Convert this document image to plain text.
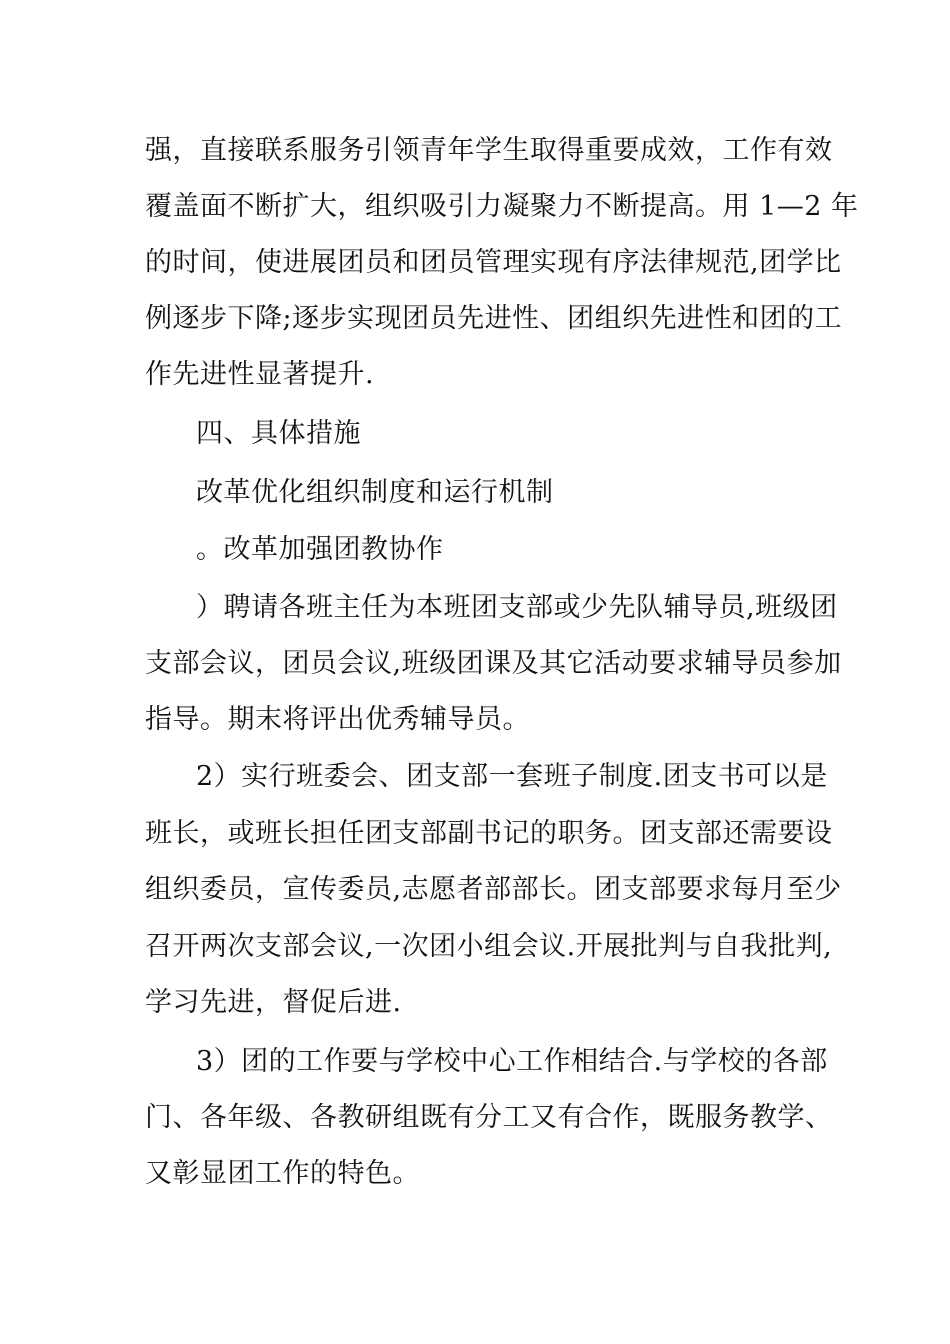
强，直接联系服务引领青年学生取得重要成效，工作有效
覆盖面不断扩大，组织吸引力凝聚力不断提高。用 1—2 年
的时间，使进展团员和团员管理实现有序法律规范,团学比
例逐步下降;逐步实现团员先进性、团组织先进性和团的工
作先进性显著提升.
四、具体措施
改革优化组织制度和运行机制
。改革加强团教协作
）聘请各班主任为本班团支部或少先队辅导员,班级团
支部会议，团员会议,班级团课及其它活动要求辅导员参加
指导。期末将评出优秀辅导员。
2）实行班委会、团支部一套班子制度.团支书可以是
班长，或班长担任团支部副书记的职务。团支部还需要设
组织委员，宣传委员,志愿者部部长。团支部要求每月至少
召开两次支部会议,一次团小组会议.开展批判与自我批判,
学习先进，督促后进.
3）团的工作要与学校中心工作相结合.与学校的各部
门、各年级、各教研组既有分工又有合作，既服务教学、
又彰显团工作的特色。
